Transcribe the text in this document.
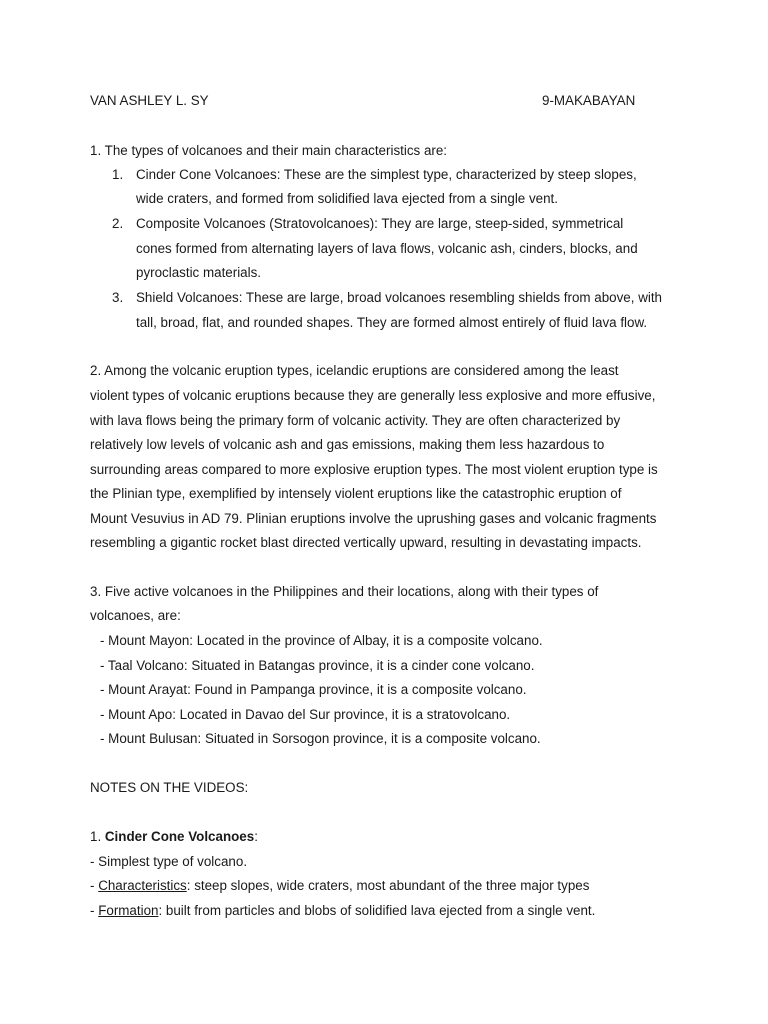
VAN ASHLEY L. SY	9-MAKABAYAN
1. The types of volcanoes and their main characteristics are:
1. Cinder Cone Volcanoes: These are the simplest type, characterized by steep slopes,
wide craters, and formed from solidified lava ejected from a single vent.
2. Composite Volcanoes (Stratovolcanoes): They are large, steep-sided, symmetrical
cones formed from alternating layers of lava flows, volcanic ash, cinders, blocks, and
pyroclastic materials.
3. Shield Volcanoes: These are large, broad volcanoes resembling shields from above, with
tall, broad, flat, and rounded shapes. They are formed almost entirely of fluid lava flow.
2. Among the volcanic eruption types, icelandic eruptions are considered among the least
violent types of volcanic eruptions because they are generally less explosive and more effusive,
with lava flows being the primary form of volcanic activity. They are often characterized by
relatively low levels of volcanic ash and gas emissions, making them less hazardous to
surrounding areas compared to more explosive eruption types. The most violent eruption type is
the Plinian type, exemplified by intensely violent eruptions like the catastrophic eruption of
Mount Vesuvius in AD 79. Plinian eruptions involve the uprushing gases and volcanic fragments
resembling a gigantic rocket blast directed vertically upward, resulting in devastating impacts.
3. Five active volcanoes in the Philippines and their locations, along with their types of
volcanoes, are:
- Mount Mayon: Located in the province of Albay, it is a composite volcano.
- Taal Volcano: Situated in Batangas province, it is a cinder cone volcano.
- Mount Arayat: Found in Pampanga province, it is a composite volcano.
- Mount Apo: Located in Davao del Sur province, it is a stratovolcano.
- Mount Bulusan: Situated in Sorsogon province, it is a composite volcano.
NOTES ON THE VIDEOS:
1. Cinder Cone Volcanoes:
- Simplest type of volcano.
- Characteristics: steep slopes, wide craters, most abundant of the three major types
- Formation: built from particles and blobs of solidified lava ejected from a single vent.
